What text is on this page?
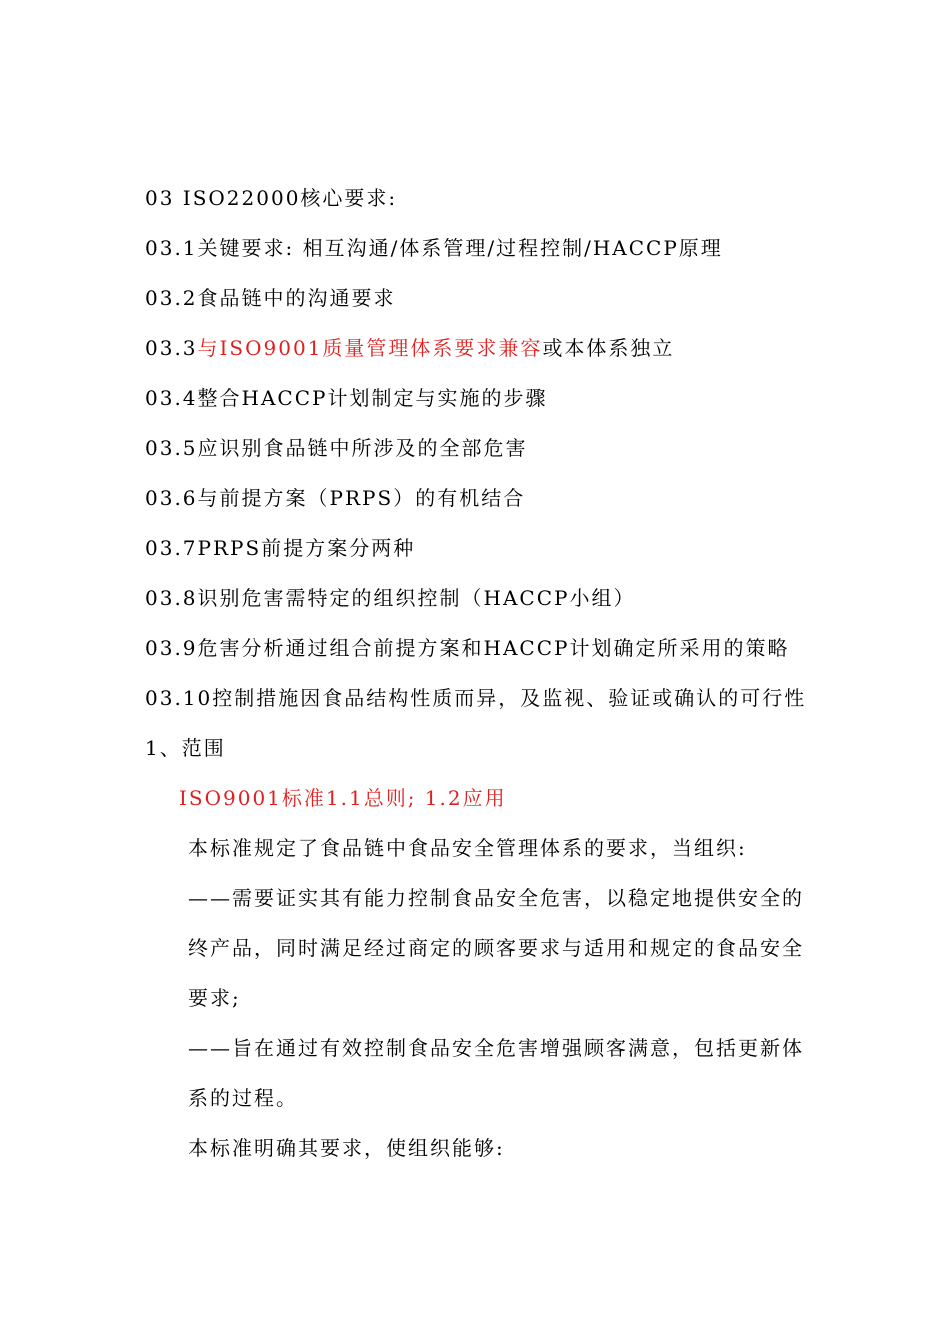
03 ISO22000核心要求:
03.1关键要求: 相互沟通/体系管理/过程控制/HACCP原理
03.2食品链中的沟通要求
03.3与ISO9001质量管理体系要求兼容或本体系独立
03.4整合HACCP计划制定与实施的步骤
03.5应识别食品链中所涉及的全部危害
03.6与前提方案（PRPS）的有机结合
03.7PRPS前提方案分两种
03.8识别危害需特定的组织控制（HACCP小组）
03.9危害分析通过组合前提方案和HACCP计划确定所采用的策略
03.10控制措施因食品结构性质而异，及监视、验证或确认的可行性
1、范围
ISO9001标准1.1总则; 1.2应用
本标准规定了食品链中食品安全管理体系的要求，当组织:
——需要证实其有能力控制食品安全危害，以稳定地提供安全的终产品，同时满足经过商定的顾客要求与适用和规定的食品安全要求;
——旨在通过有效控制食品安全危害增强顾客满意，包括更新体系的过程。
本标准明确其要求，使组织能够:
